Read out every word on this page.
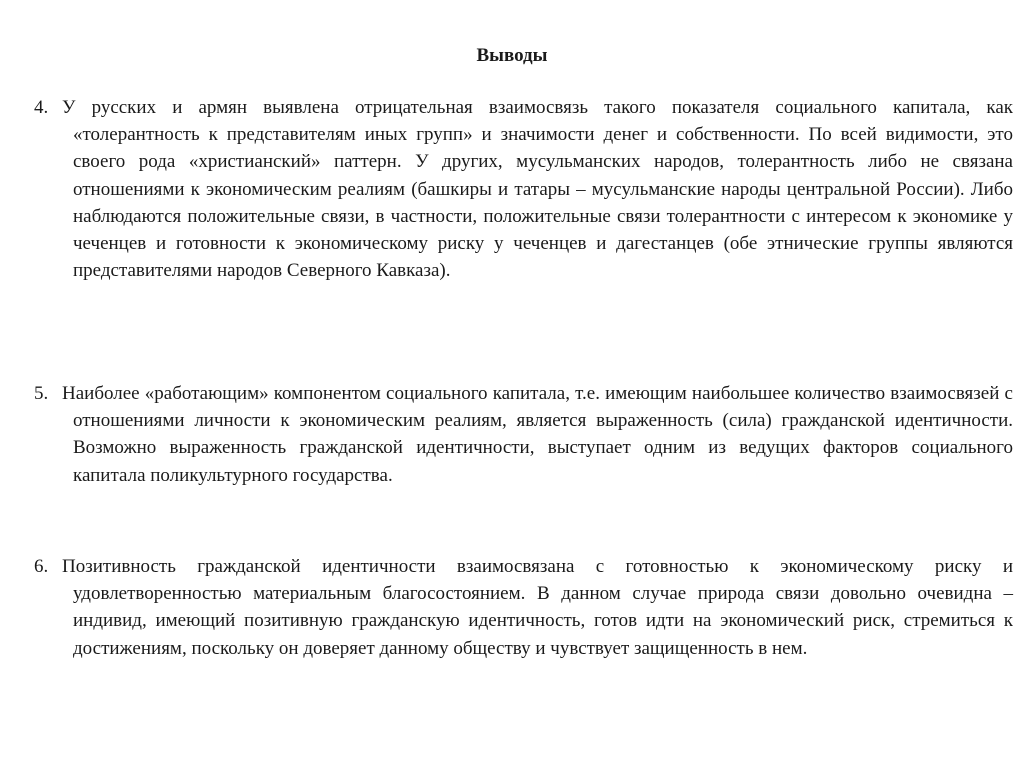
Выводы
4. У русских и армян выявлена отрицательная взаимосвязь такого показателя социального капитала, как «толерантность к представителям иных групп» и значимости денег и собственности. По всей видимости, это своего рода «христианский» паттерн. У других, мусульманских народов, толерантность либо не связана отношениями к экономическим реалиям (башкиры и татары – мусульманские народы центральной России). Либо наблюдаются положительные связи, в частности, положительные связи толерантности с интересом к экономике у чеченцев и готовности к экономическому риску у чеченцев и дагестанцев (обе этнические группы являются представителями народов Северного Кавказа).
5. Наиболее «работающим» компонентом социального капитала, т.е. имеющим наибольшее количество взаимосвязей с отношениями личности к экономическим реалиям, является выраженность (сила) гражданской идентичности. Возможно выраженность гражданской идентичности, выступает одним из ведущих факторов социального капитала поликультурного государства.
6. Позитивность гражданской идентичности взаимосвязана с готовностью к экономическому риску и удовлетворенностью материальным благосостоянием. В данном случае природа связи довольно очевидна – индивид, имеющий позитивную гражданскую идентичность, готов идти на экономический риск, стремиться к достижениям, поскольку он доверяет данному обществу и чувствует защищенность в нем.
